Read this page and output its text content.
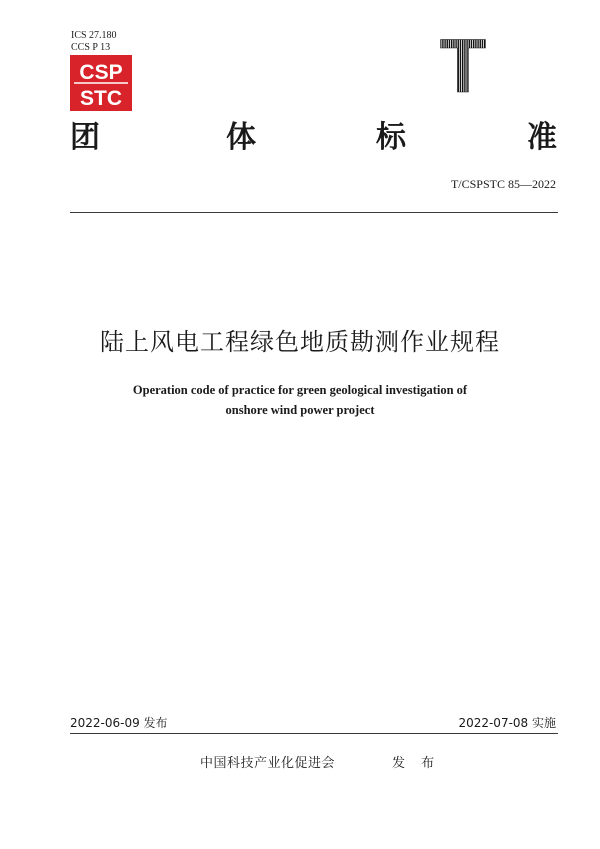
ICS 27.180
CCS P 13
CSP
STC	T
团	体	标	准
T/CSPSTC 85—2022
陆上风电工程绿色地质勘测作业规程
Operation code of practice for green geological investigation of
onshore wind power project
2022-06-09 发布	2022-07-08 实施
中国科技产业化促进会	发 布
